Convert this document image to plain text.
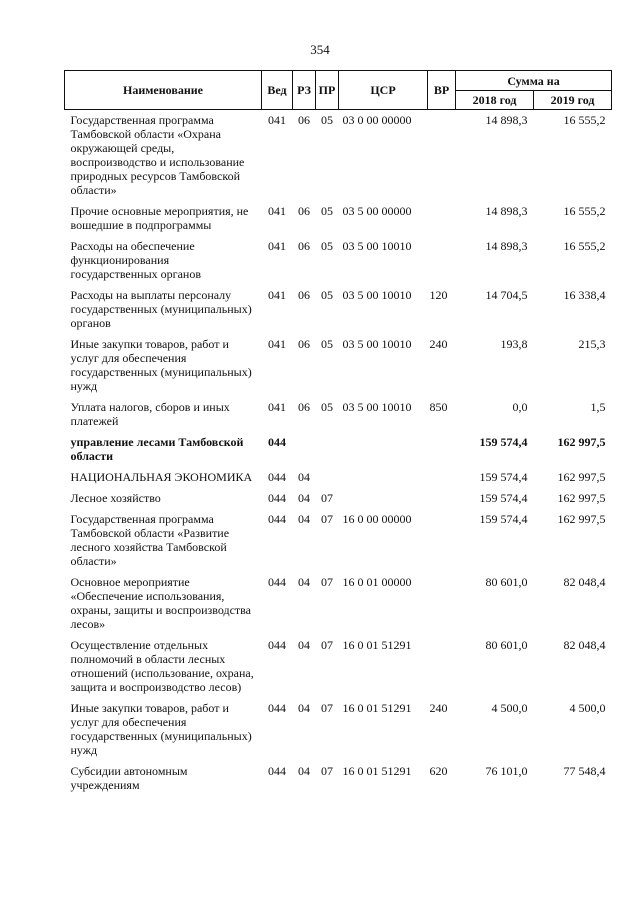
354
Наименование	Вед	РЗ	ПР	ЦСР	ВР	Сумма на	
						2018 год	2019 год
Государственная программа Тамбовской области «Охрана окружающей среды, воспроизводство и использование природных ресурсов Тамбовской области»	041	06	05	03 0 00 00000		14 898,3	16 555,2
Прочие основные мероприятия, не вошедшие в подпрограммы	041	06	05	03 5 00 00000		14 898,3	16 555,2
Расходы на обеспечение функционирования государственных органов	041	06	05	03 5 00 10010		14 898,3	16 555,2
Расходы на выплаты персоналу государственных (муниципальных) органов	041	06	05	03 5 00 10010	120	14 704,5	16 338,4
Иные закупки товаров, работ и услуг для обеспечения государственных (муниципальных) нужд	041	06	05	03 5 00 10010	240	193,8	215,3
Уплата налогов, сборов и иных платежей	041	06	05	03 5 00 10010	850	0,0	1,5
управление лесами Тамбовской области	044					159 574,4	162 997,5
НАЦИОНАЛЬНАЯ ЭКОНОМИКА	044	04				159 574,4	162 997,5
Лесное хозяйство	044	04	07			159 574,4	162 997,5
Государственная программа Тамбовской области «Развитие лесного хозяйства Тамбовской области»	044	04	07	16 0 00 00000		159 574,4	162 997,5
Основное мероприятие «Обеспечение использования, охраны, защиты и воспроизводства лесов»	044	04	07	16 0 01 00000		80 601,0	82 048,4
Осуществление отдельных полномочий в области лесных отношений (использование, охрана, защита и воспроизводство лесов)	044	04	07	16 0 01 51291		80 601,0	82 048,4
Иные закупки товаров, работ и услуг для обеспечения государственных (муниципальных) нужд	044	04	07	16 0 01 51291	240	4 500,0	4 500,0
Субсидии автономным учреждениям	044	04	07	16 0 01 51291	620	76 101,0	77 548,4
